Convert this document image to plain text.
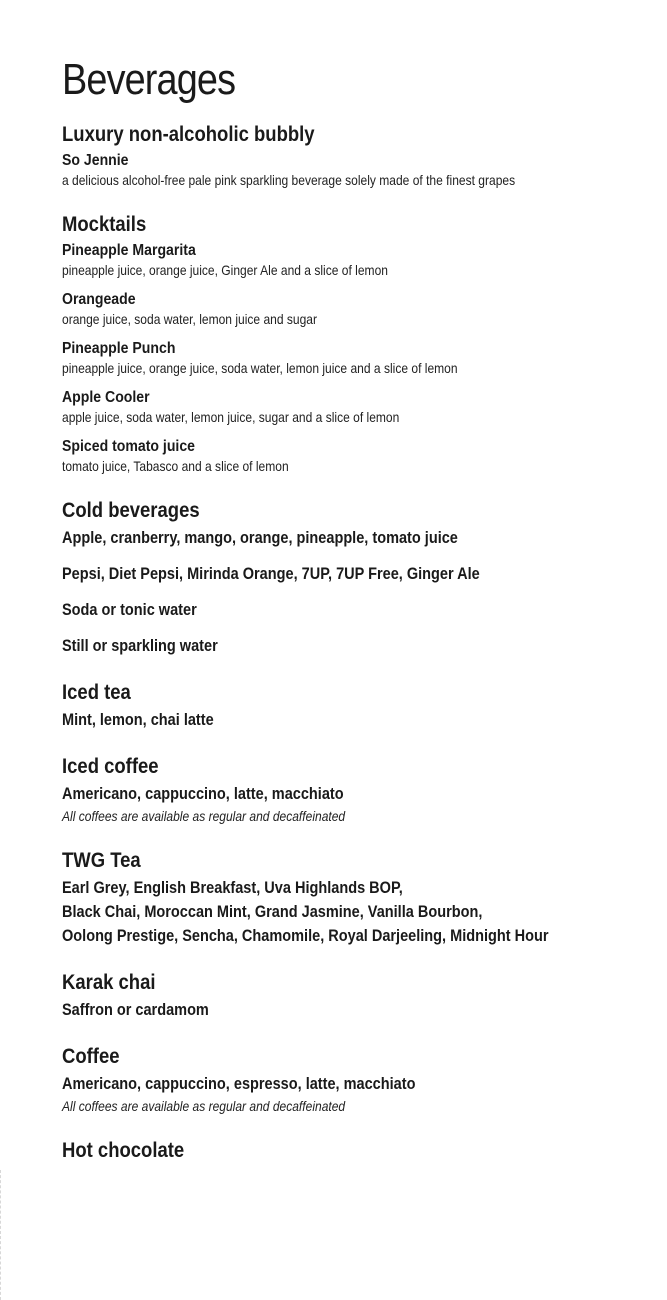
Beverages
Luxury non-alcoholic bubbly
So Jennie
a delicious alcohol-free pale pink sparkling beverage solely made of the finest grapes
Mocktails
Pineapple Margarita
pineapple juice, orange juice, Ginger Ale and a slice of lemon
Orangeade
orange juice, soda water, lemon juice and sugar
Pineapple Punch
pineapple juice, orange juice, soda water, lemon juice and a slice of lemon
Apple Cooler
apple juice, soda water, lemon juice, sugar and a slice of lemon
Spiced tomato juice
tomato juice, Tabasco and a slice of lemon
Cold beverages
Apple, cranberry, mango, orange, pineapple, tomato juice
Pepsi, Diet Pepsi, Mirinda Orange, 7UP, 7UP Free, Ginger Ale
Soda or tonic water
Still or sparkling water
Iced tea
Mint, lemon, chai latte
Iced coffee
Americano, cappuccino, latte, macchiato
All coffees are available as regular and decaffeinated
TWG Tea
Earl Grey, English Breakfast, Uva Highlands BOP,
Black Chai, Moroccan Mint, Grand Jasmine, Vanilla Bourbon,
Oolong Prestige, Sencha, Chamomile, Royal Darjeeling, Midnight Hour
Karak chai
Saffron or cardamom
Coffee
Americano, cappuccino, espresso, latte, macchiato
All coffees are available as regular and decaffeinated
Hot chocolate
